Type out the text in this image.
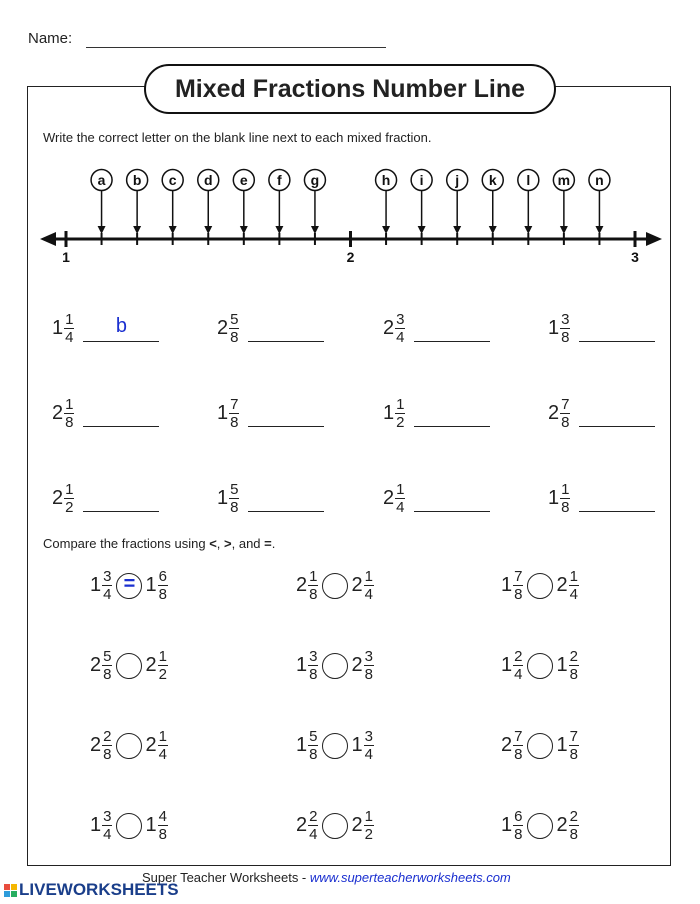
Name:
Mixed Fractions Number Line
Write the correct letter on the blank line next to each mixed fraction.
1	2	3
a b c d e f g	h i j k l m n
$1 \frac{1}{4}$	b	$2 \frac{5}{8}$	$2 \frac{3}{4}$	$1 \frac{3}{8}$
$2 \frac{1}{8}$	$1 \frac{7}{8}$	$1 \frac{1}{2}$	$2 \frac{7}{8}$
$2 \frac{1}{2}$	$1 \frac{5}{8}$	$2 \frac{1}{4}$	$1 \frac{1}{8}$
Compare the fractions using <, >, and =.
$1 \frac{3}{4} = 1 \frac{6}{8}$	$2 \frac{1}{8} 2 \frac{1}{4}$	$1 \frac{7}{8} 2 \frac{1}{4}$
$2 \frac{5}{8} 2 \frac{1}{2}$	$1 \frac{3}{8} 2 \frac{3}{8}$	$1 \frac{2}{4} 1 \frac{2}{8}$
$2 \frac{2}{8} 2 \frac{1}{4}$	$1 \frac{5}{8} 1 \frac{3}{4}$	$2 \frac{7}{8} 1 \frac{7}{8}$
$1 \frac{3}{4} 1 \frac{4}{8}$	$2 \frac{2}{4} 2 \frac{1}{2}$	$1 \frac{6}{8} 2 \frac{2}{8}$
Super Teacher Worksheets - www.superteacherworksheets.com
LIVEWORKSHEETS
